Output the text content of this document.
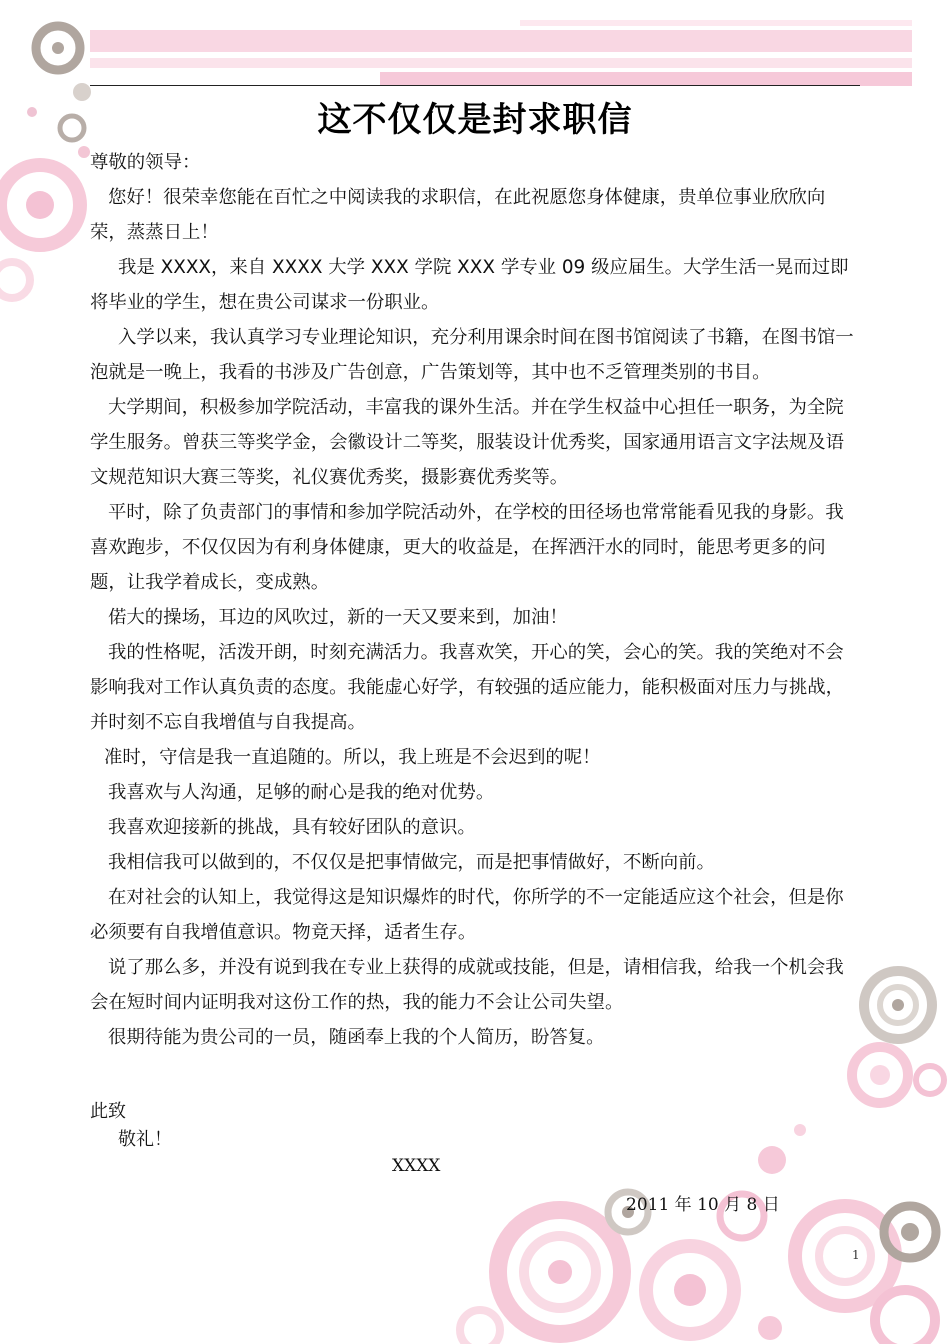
这不仅仅是封求职信

尊敬的领导：

您好！很荣幸您能在百忙之中阅读我的求职信，在此祝愿您身体健康，贵单位事业欣欣向荣，蒸蒸日上！

我是 XXXX，来自 XXXX 大学 XXX 学院 XXX 学专业 09 级应届生。大学生活一晃而过即将毕业的学生，想在贵公司谋求一份职业。

入学以来，我认真学习专业理论知识，充分利用课余时间在图书馆阅读了书籍，在图书馆一泡就是一晚上，我看的书涉及广告创意，广告策划等，其中也不乏管理类别的书目。

大学期间，积极参加学院活动，丰富我的课外生活。并在学生权益中心担任一职务，为全院学生服务。曾获三等奖学金，会徽设计二等奖，服装设计优秀奖，国家通用语言文字法规及语文规范知识大赛三等奖，礼仪赛优秀奖，摄影赛优秀奖等。

平时，除了负责部门的事情和参加学院活动外，在学校的田径场也常常能看见我的身影。我喜欢跑步，不仅仅因为有利身体健康，更大的收益是，在挥洒汗水的同时，能思考更多的问题，让我学着成长，变成熟。

偌大的操场，耳边的风吹过，新的一天又要来到，加油！

我的性格呢，活泼开朗，时刻充满活力。我喜欢笑，开心的笑，会心的笑。我的笑绝对不会影响我对工作认真负责的态度。我能虚心好学，有较强的适应能力，能积极面对压力与挑战，并时刻不忘自我增值与自我提高。

准时，守信是我一直追随的。所以，我上班是不会迟到的呢！

我喜欢与人沟通，足够的耐心是我的绝对优势。

我喜欢迎接新的挑战，具有较好团队的意识。

我相信我可以做到的，不仅仅是把事情做完，而是把事情做好，不断向前。

在对社会的认知上，我觉得这是知识爆炸的时代，你所学的不一定能适应这个社会，但是你必须要有自我增值意识。物竟天择，适者生存。

说了那么多，并没有说到我在专业上获得的成就或技能，但是，请相信我，给我一个机会我会在短时间内证明我对这份工作的热，我的能力不会让公司失望。

很期待能为贵公司的一员，随函奉上我的个人简历，盼答复。

此致
敬礼！
XXXX
2011 年 10 月 8 日
1
